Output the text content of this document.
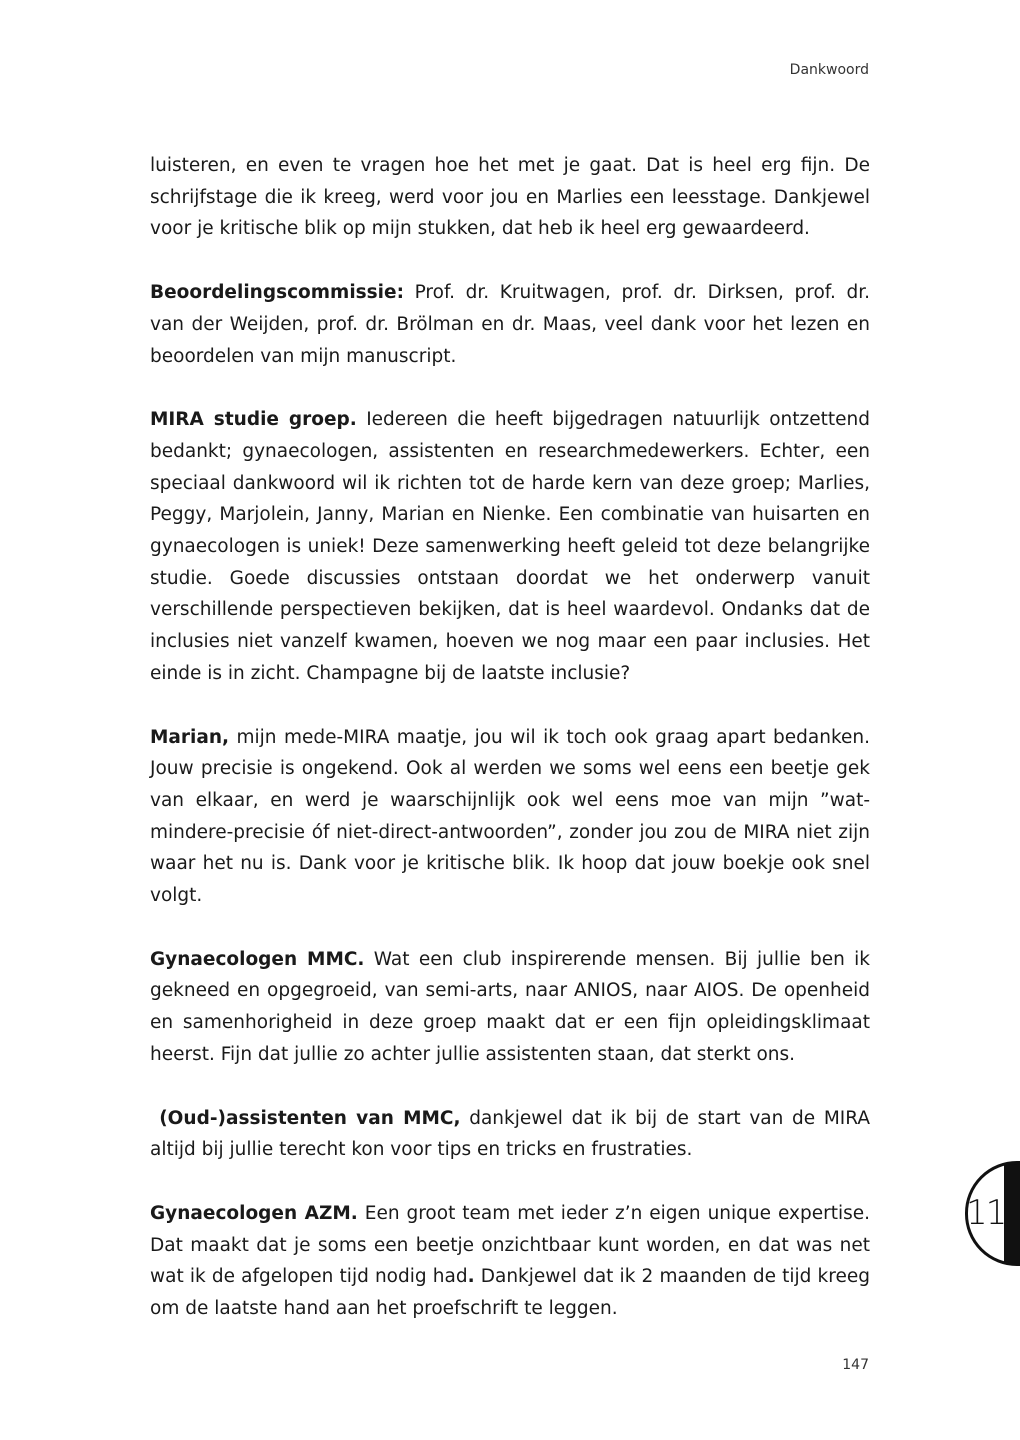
Dankwoord

luisteren, en even te vragen hoe het met je gaat. Dat is heel erg fijn. De schrijfstage die ik kreeg, werd voor jou en Marlies een leesstage. Dankjewel voor je kritische blik op mijn stukken, dat heb ik heel erg gewaardeerd.

Beoordelingscommissie: Prof. dr. Kruitwagen, prof. dr. Dirksen, prof. dr. van der Weijden, prof. dr. Brölman en dr. Maas, veel dank voor het lezen en beoordelen van mijn manuscript.

MIRA studie groep. Iedereen die heeft bijgedragen natuurlijk ontzettend bedankt; gynaecologen, assistenten en researchmedewerkers. Echter, een speciaal dankwoord wil ik richten tot de harde kern van deze groep; Marlies, Peggy, Marjolein, Janny, Marian en Nienke. Een combinatie van huisarten en gynaecologen is uniek! Deze samenwerking heeft geleid tot deze belangrijke studie. Goede discussies ontstaan doordat we het onderwerp vanuit verschillende perspectieven bekijken, dat is heel waardevol. Ondanks dat de inclusies niet vanzelf kwamen, hoeven we nog maar een paar inclusies. Het einde is in zicht. Champagne bij de laatste inclusie?

Marian, mijn mede-MIRA maatje, jou wil ik toch ook graag apart bedanken. Jouw precisie is ongekend. Ook al werden we soms wel eens een beetje gek van elkaar, en werd je waarschijnlijk ook wel eens moe van mijn ”wat-mindere-precisie óf niet-direct-antwoorden”, zonder jou zou de MIRA niet zijn waar het nu is. Dank voor je kritische blik. Ik hoop dat jouw boekje ook snel volgt.

Gynaecologen MMC. Wat een club inspirerende mensen. Bij jullie ben ik gekneed en opgegroeid, van semi-arts, naar ANIOS, naar AIOS. De openheid en samenhorigheid in deze groep maakt dat er een fijn opleidingsklimaat heerst. Fijn dat jullie zo achter jullie assistenten staan, dat sterkt ons.

(Oud-)assistenten van MMC, dankjewel dat ik bij de start van de MIRA altijd bij jullie terecht kon voor tips en tricks en frustraties.

Gynaecologen AZM. Een groot team met ieder z’n eigen unique expertise. Dat maakt dat je soms een beetje onzichtbaar kunt worden, en dat was net wat ik de afgelopen tijd nodig had. Dankjewel dat ik 2 maanden de tijd kreeg om de laatste hand aan het proefschrift te leggen.

11
147
